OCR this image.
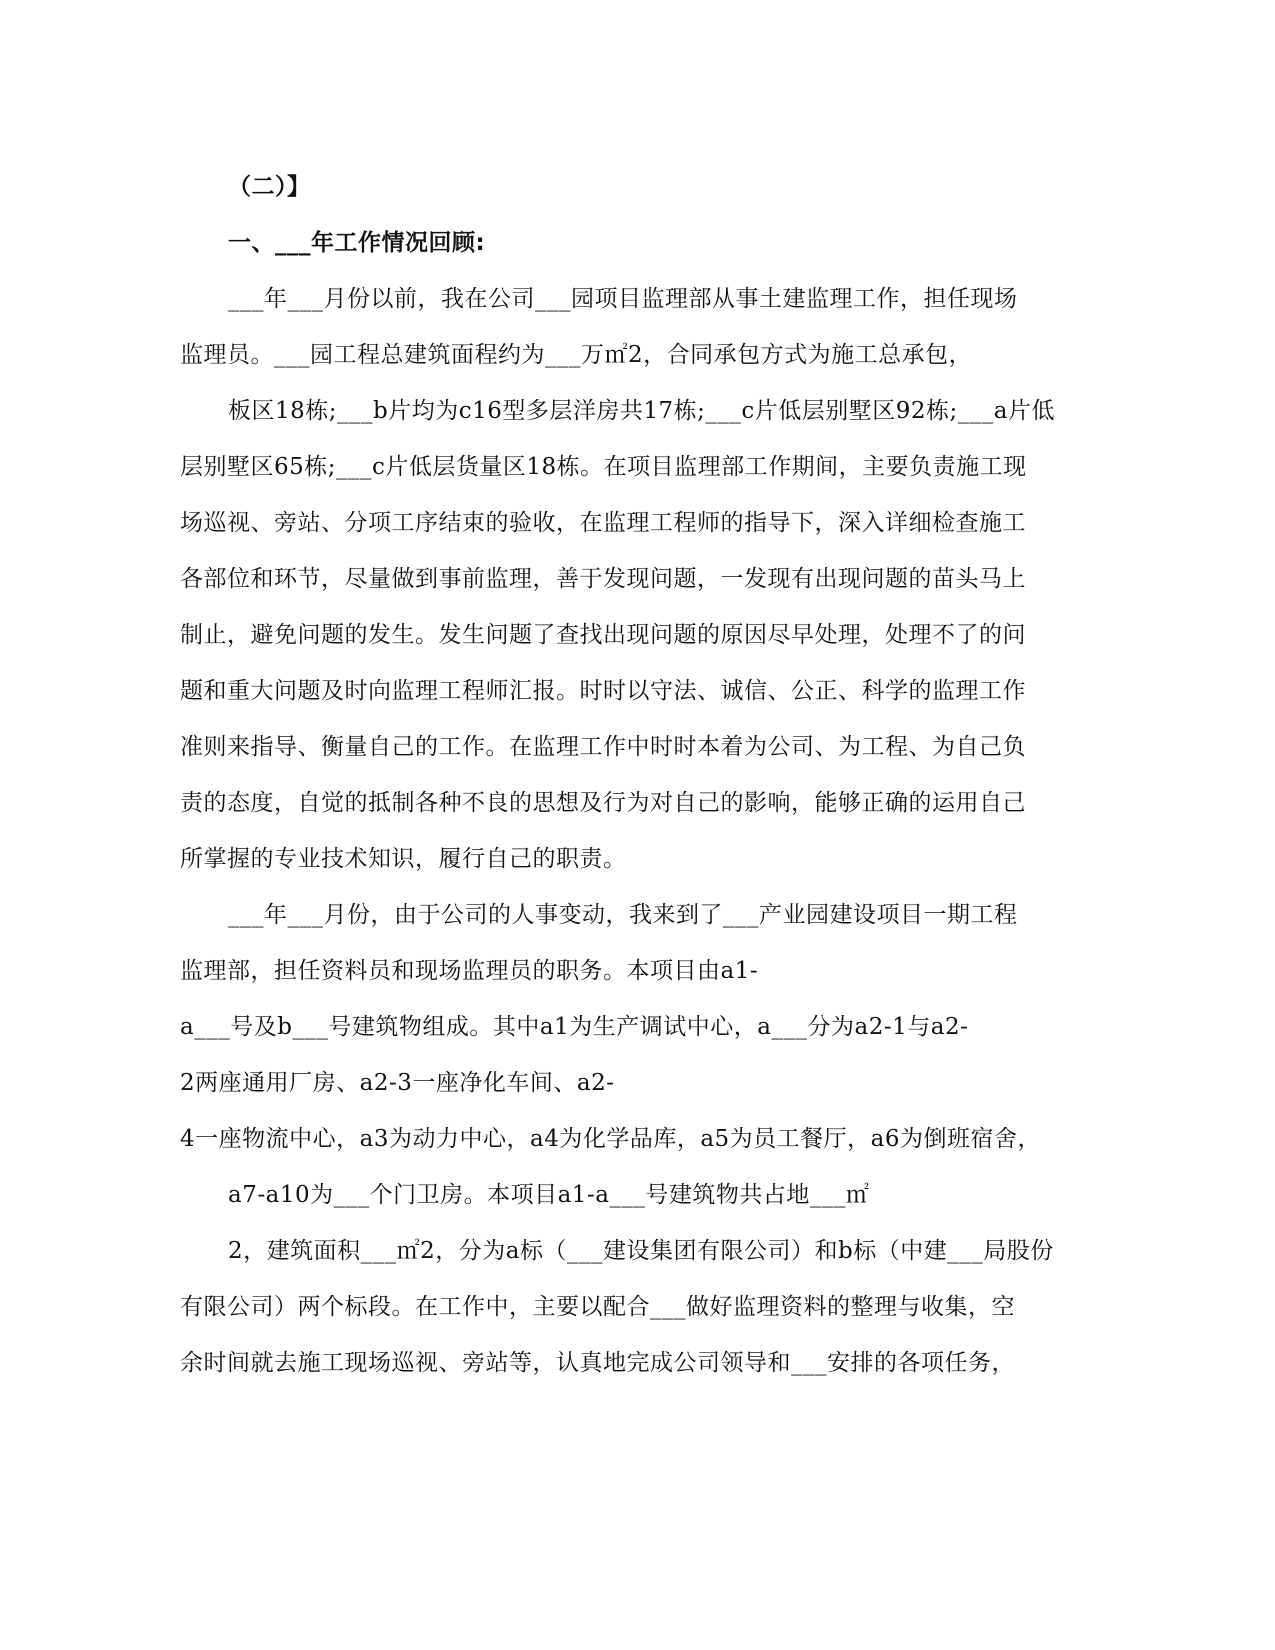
（二）】
一、___年工作情况回顾:
___年___月份以前，我在公司___园项目监理部从事土建监理工作，担任现场
监理员。___园工程总建筑面程约为___万㎡2，合同承包方式为施工总承包，
板区18栋;___b片均为c16型多层洋房共17栋;___c片低层别墅区92栋;___a片低
层别墅区65栋;___c片低层货量区18栋。在项目监理部工作期间，主要负责施工现
场巡视、旁站、分项工序结束的验收，在监理工程师的指导下，深入详细检查施工
各部位和环节，尽量做到事前监理，善于发现问题，一发现有出现问题的苗头马上
制止，避免问题的发生。发生问题了查找出现问题的原因尽早处理，处理不了的问
题和重大问题及时向监理工程师汇报。时时以守法、诚信、公正、科学的监理工作
准则来指导、衡量自己的工作。在监理工作中时时本着为公司、为工程、为自己负
责的态度，自觉的抵制各种不良的思想及行为对自己的影响，能够正确的运用自己
所掌握的专业技术知识，履行自己的职责。
___年___月份，由于公司的人事变动，我来到了___产业园建设项目一期工程
监理部，担任资料员和现场监理员的职务。本项目由a1-
a___号及b___号建筑物组成。其中a1为生产调试中心，a___分为a2-1与a2-
2两座通用厂房、a2-3一座净化车间、a2-
4一座物流中心，a3为动力中心，a4为化学品库，a5为员工餐厅，a6为倒班宿舍，
a7-a10为___个门卫房。本项目a1-a___号建筑物共占地___㎡
2，建筑面积___㎡2，分为a标（___建设集团有限公司）和b标（中建___局股份
有限公司）两个标段。在工作中，主要以配合___做好监理资料的整理与收集，空
余时间就去施工现场巡视、旁站等，认真地完成公司领导和___安排的各项任务，
